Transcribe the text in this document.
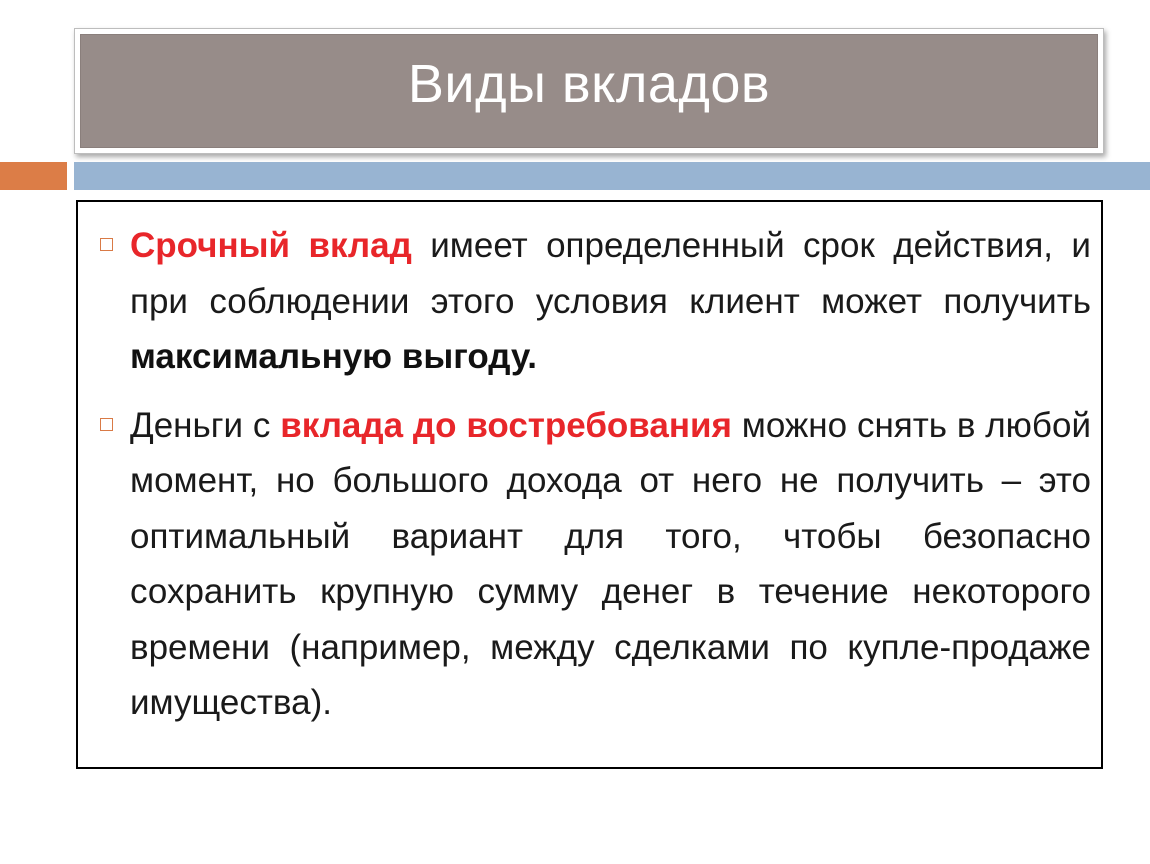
Виды вкладов

Срочный вклад имеет определенный срок действия, и при соблюдении этого условия клиент может получить максимальную выгоду.

Деньги с вклада до востребования можно снять в любой момент, но большого дохода от него не получить – это оптимальный вариант для того, чтобы безопасно сохранить крупную сумму денег в течение некоторого времени (например, между сделками по купле-продаже имущества).
